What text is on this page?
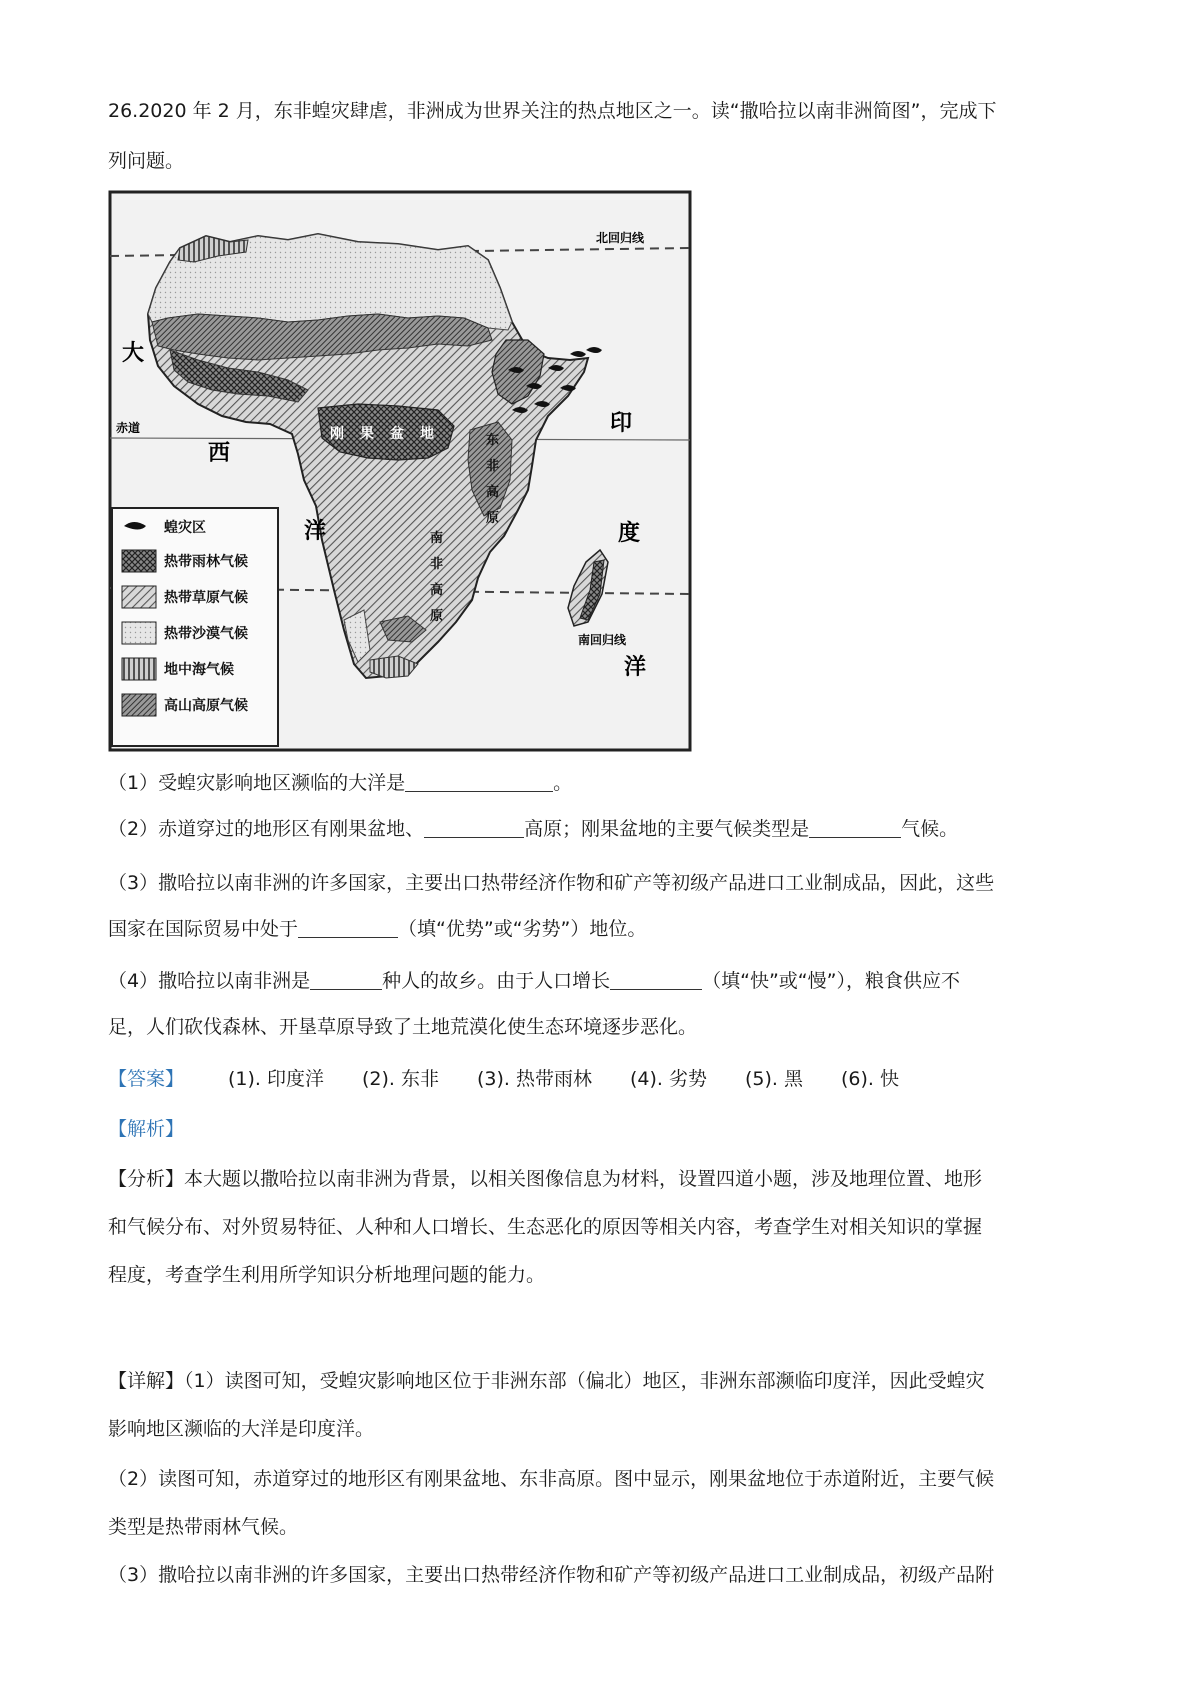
26.2020 年 2 月，东非蝗灾肆虐，非洲成为世界关注的热点地区之一。读“撒哈拉以南非洲简图”，完成下
列问题。
北回归线
南回归线
赤道
大
西
洋
印
度
洋
刚 果 盆 地	东
非
高
原
南
非
高
原
蝗灾区
热带雨林气候
热带草原气候
热带沙漠气候
地中海气候
高山高原气候
（1）受蝗灾影响地区濒临的大洋是	。
（2）赤道穿过的地形区有刚果盆地、	高原；刚果盆地的主要气候类型是	气候。
（3）撒哈拉以南非洲的许多国家，主要出口热带经济作物和矿产等初级产品进口工业制成品，因此，这些
国家在国际贸易中处于	（填“优势”或“劣势”）地位。
（4）撒哈拉以南非洲是	种人的故乡。由于人口增长	（填“快”或“慢”），粮食供应不
足，人们砍伐森林、开垦草原导致了土地荒漠化使生态环境逐步恶化。
【答案】 (1). 印度洋 (2). 东非 (3). 热带雨林 (4). 劣势 (5). 黑 (6). 快
【解析】
【分析】本大题以撒哈拉以南非洲为背景，以相关图像信息为材料，设置四道小题，涉及地理位置、地形
和气候分布、对外贸易特征、人种和人口增长、生态恶化的原因等相关内容，考查学生对相关知识的掌握
程度，考查学生利用所学知识分析地理问题的能力。
【详解】（1）读图可知，受蝗灾影响地区位于非洲东部（偏北）地区，非洲东部濒临印度洋，因此受蝗灾
影响地区濒临的大洋是印度洋。
（2）读图可知，赤道穿过的地形区有刚果盆地、东非高原。图中显示，刚果盆地位于赤道附近，主要气候
类型是热带雨林气候。
（3）撒哈拉以南非洲的许多国家，主要出口热带经济作物和矿产等初级产品进口工业制成品，初级产品附
